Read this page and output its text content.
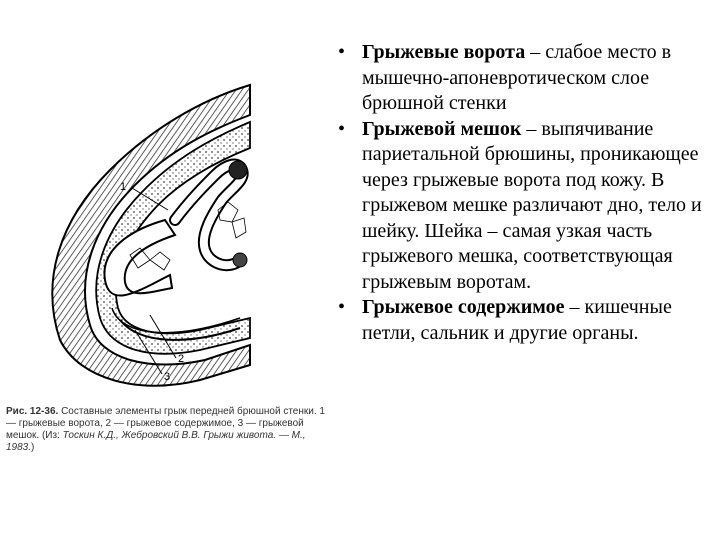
1
2
3
Рис. 12-36. Составные элементы грыж передней брюшной стенки. 1 — грыжевые ворота, 2 — грыжевое содержимое, 3 — грыжевой мешок. (Из: Тоскин К.Д., Жебровский В.В. Грыжи живота. — М., 1983.)
• Грыжевые ворота – слабое место в мышечно-апоневротическом слое брюшной стенки
• Грыжевой мешок – выпячивание париетальной брюшины, проникающее через грыжевые ворота под кожу. В грыжевом мешке различают дно, тело и шейку. Шейка – самая узкая часть грыжевого мешка, соответствующая грыжевым воротам.
• Грыжевое содержимое – кишечные петли, сальник и другие органы.
